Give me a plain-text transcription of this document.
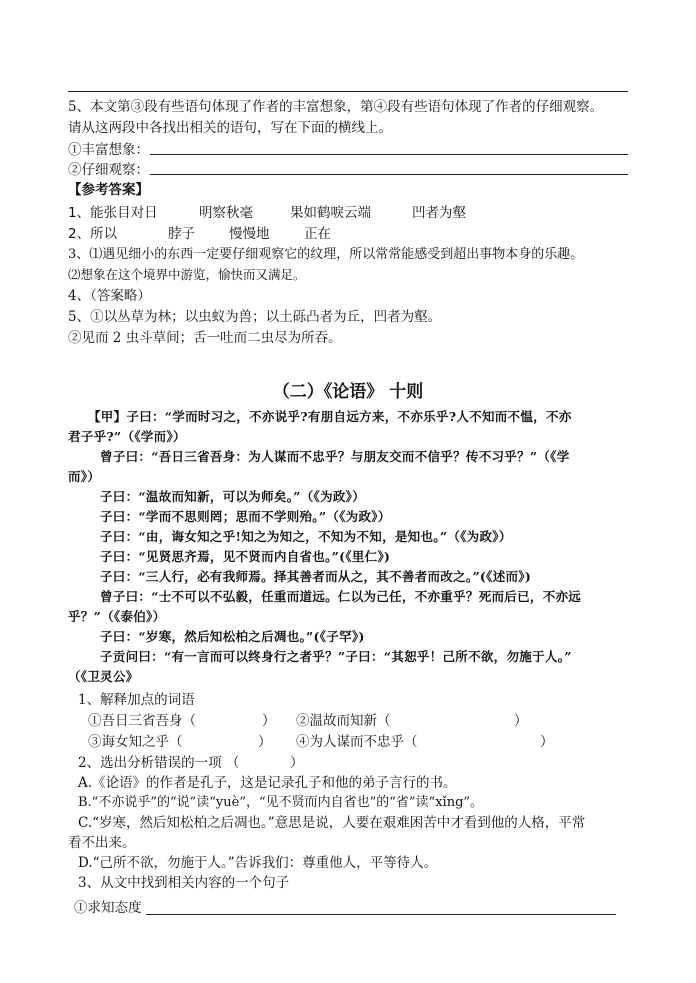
5、本文第③段有些语句体现了作者的丰富想象，第④段有些语句体现了作者的仔细观察。
请从这两段中各找出相关的语句，写在下面的横线上。
①丰富想象：
②仔细观察：
【参考答案】
1、能张目对日	明察秋毫	果如鹤唳云端	凹者为壑
2、所以	脖子	慢慢地	正在
3、⑴遇见细小的东西一定要仔细观察它的纹理，所以常常能感受到超出事物本身的乐趣。
⑵想象在这个境界中游览，愉快而又满足。
4、（答案略）
5、①以丛草为林；以虫蚁为兽；以土砾凸者为丘，凹者为壑。
②见而 2 虫斗草间；舌一吐而二虫尽为所吞。
（二）《论语》 十则
【甲】子曰：“学而时习之，不亦说乎?有朋自远方来，不亦乐乎?人不知而不愠，不亦
君子乎?”（《学而》）
曾子曰：“吾日三省吾身：为人谋而不忠乎？与朋友交而不信乎？传不习乎？”（《学
而》）
子曰：“温故而知新，可以为师矣。”（《为政》）
子曰：“学而不思则罔；思而不学则殆。”（《为政》）
子曰：“由，诲女知之乎!知之为知之，不知为不知，是知也。”（《为政》）
子曰：“见贤思齐焉，见不贤而内自省也。”(《里仁》)
子曰：“三人行，必有我师焉。择其善者而从之，其不善者而改之。”(《述而》)
曾子曰：“士不可以不弘毅，任重而道远。仁以为己任，不亦重乎？死而后已，不亦远
乎？”（《泰伯》）
子曰：“岁寒，然后知松柏之后凋也。”(《子罕》)
子贡问曰：“有一言而可以终身行之者乎？”子曰：“其恕乎！己所不欲，勿施于人。”
（《卫灵公》
1、解释加点的词语
①吾日三省吾身（	） ②温故而知新（	）
③诲女知之乎（	） ④为人谋而不忠乎（	）
2、选出分析错误的一项 （	）
A.《论语》的作者是孔子，这是记录孔子和他的弟子言行的书。
B.“不亦说乎”的“说”读“yuè”，“见不贤而内自省也”的“省”读“xǐng”。
C.“岁寒，然后知松柏之后凋也。”意思是说，人要在艰难困苦中才看到他的人格，平常
看不出来。
D.“己所不欲，勿施于人。”告诉我们：尊重他人，平等待人。
3、从文中找到相关内容的一个句子
①求知态度
